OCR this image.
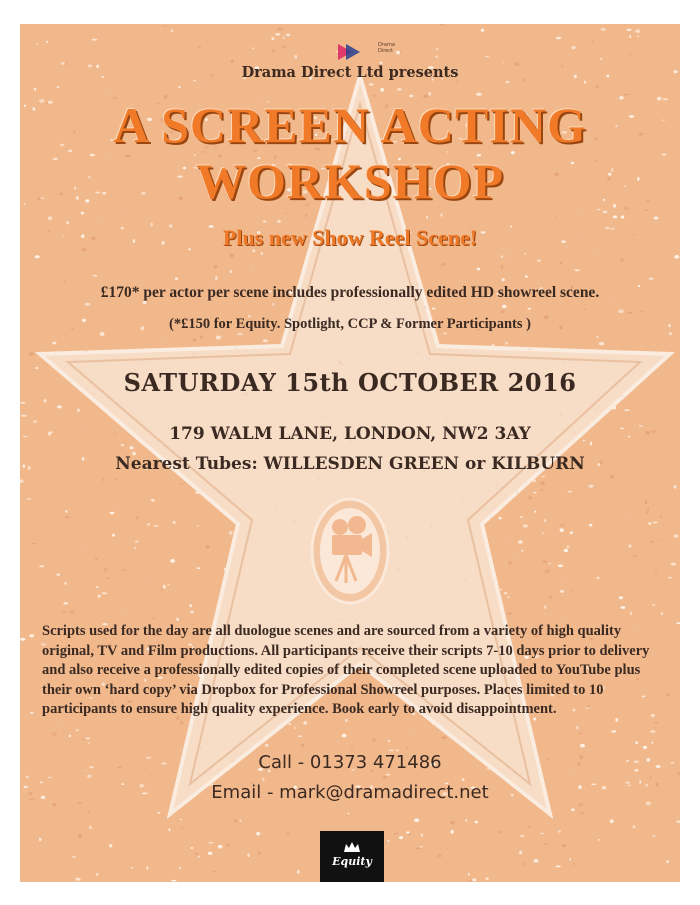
Drama Direct
Drama Direct Ltd presents
A SCREEN ACTING
WORKSHOP
Plus new Show Reel Scene!
£170* per actor per scene includes professionally edited HD showreel scene.
(*£150 for Equity. Spotlight, CCP & Former Participants )
SATURDAY 15th OCTOBER 2016
179 WALM LANE, LONDON, NW2 3AY
Nearest Tubes: WILLESDEN GREEN or KILBURN
Scripts used for the day are all duologue scenes and are sourced from a variety of high quality original, TV and Film productions. All participants receive their scripts 7-10 days prior to delivery and also receive a professionally edited copies of their completed scene uploaded to YouTube plus their own ‘hard copy’ via Dropbox for Professional Showreel purposes. Places limited to 10 participants to ensure high quality experience. Book early to avoid disappointment.
Call - 01373 471486
Email - mark@dramadirect.net
Equity
